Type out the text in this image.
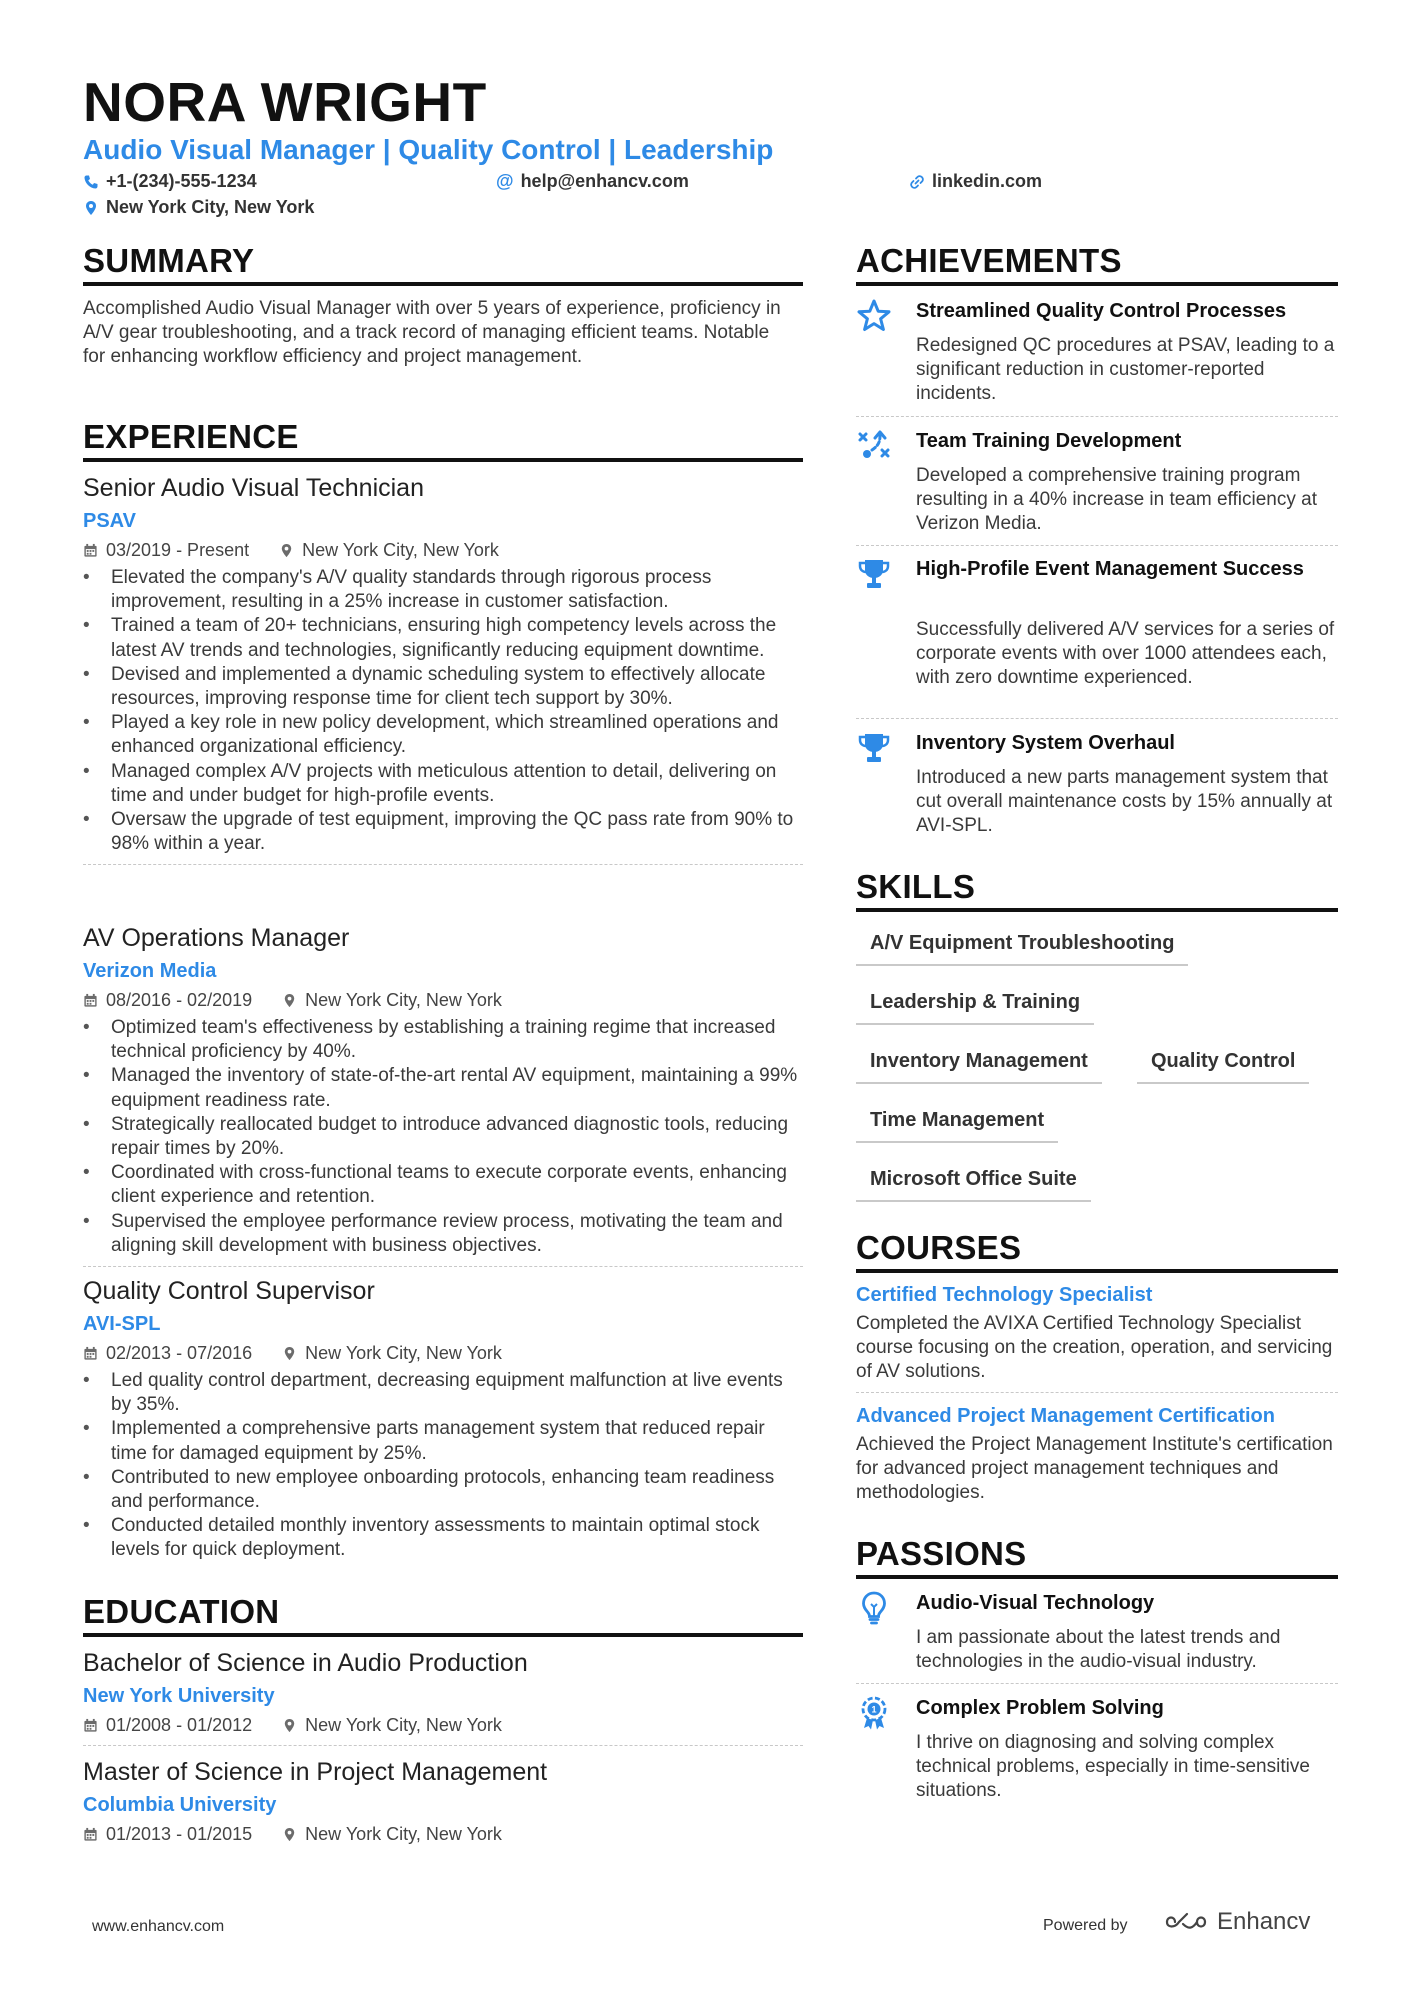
NORA WRIGHT
Audio Visual Manager | Quality Control | Leadership
+1-(234)-555-1234	@ help@enhancv.com	linkedin.com
New York City, New York
SUMMARY

Accomplished Audio Visual Manager with over 5 years of experience, proficiency in A/V gear troubleshooting, and a track record of managing efficient teams. Notable for enhancing workflow efficiency and project management.

EXPERIENCE
Senior Audio Visual Technician
PSAV
03/2019 - Present	New York City, New York
• Elevated the company's A/V quality standards through rigorous process improvement, resulting in a 25% increase in customer satisfaction.
• Trained a team of 20+ technicians, ensuring high competency levels across the latest AV trends and technologies, significantly reducing equipment downtime.
• Devised and implemented a dynamic scheduling system to effectively allocate resources, improving response time for client tech support by 30%.
• Played a key role in new policy development, which streamlined operations and enhanced organizational efficiency.
• Managed complex A/V projects with meticulous attention to detail, delivering on time and under budget for high-profile events.
• Oversaw the upgrade of test equipment, improving the QC pass rate from 90% to 98% within a year.
AV Operations Manager
Verizon Media
08/2016 - 02/2019	New York City, New York
• Optimized team's effectiveness by establishing a training regime that increased technical proficiency by 40%.
• Managed the inventory of state-of-the-art rental AV equipment, maintaining a 99% equipment readiness rate.
• Strategically reallocated budget to introduce advanced diagnostic tools, reducing repair times by 20%.
• Coordinated with cross-functional teams to execute corporate events, enhancing client experience and retention.
• Supervised the employee performance review process, motivating the team and aligning skill development with business objectives.
Quality Control Supervisor
AVI-SPL
02/2013 - 07/2016	New York City, New York
• Led quality control department, decreasing equipment malfunction at live events by 35%.
• Implemented a comprehensive parts management system that reduced repair time for damaged equipment by 25%.
• Contributed to new employee onboarding protocols, enhancing team readiness and performance.
• Conducted detailed monthly inventory assessments to maintain optimal stock levels for quick deployment.
EDUCATION
Bachelor of Science in Audio Production
New York University
01/2008 - 01/2012	New York City, New York
Master of Science in Project Management
Columbia University
01/2013 - 01/2015	New York City, New York
ACHIEVEMENTS
Streamlined Quality Control Processes
Redesigned QC procedures at PSAV, leading to a significant reduction in customer-reported incidents.
Team Training Development
Developed a comprehensive training program resulting in a 40% increase in team efficiency at Verizon Media.
High-Profile Event Management Success
Successfully delivered A/V services for a series of corporate events with over 1000 attendees each, with zero downtime experienced.
Inventory System Overhaul
Introduced a new parts management system that cut overall maintenance costs by 15% annually at AVI-SPL.
SKILLS
A/V Equipment Troubleshooting
Leadership & Training
Inventory Management	Quality Control
Time Management
Microsoft Office Suite
COURSES
Certified Technology Specialist

Completed the AVIXA Certified Technology Specialist course focusing on the creation, operation, and servicing of AV solutions.

Advanced Project Management Certification

Achieved the Project Management Institute's certification for advanced project management techniques and methodologies.

PASSIONS
Audio-Visual Technology
I am passionate about the latest trends and technologies in the audio-visual industry.
1 Complex Problem Solving
I thrive on diagnosing and solving complex technical problems, especially in time-sensitive situations.
www.enhancv.com	Powered by	Enhancv
